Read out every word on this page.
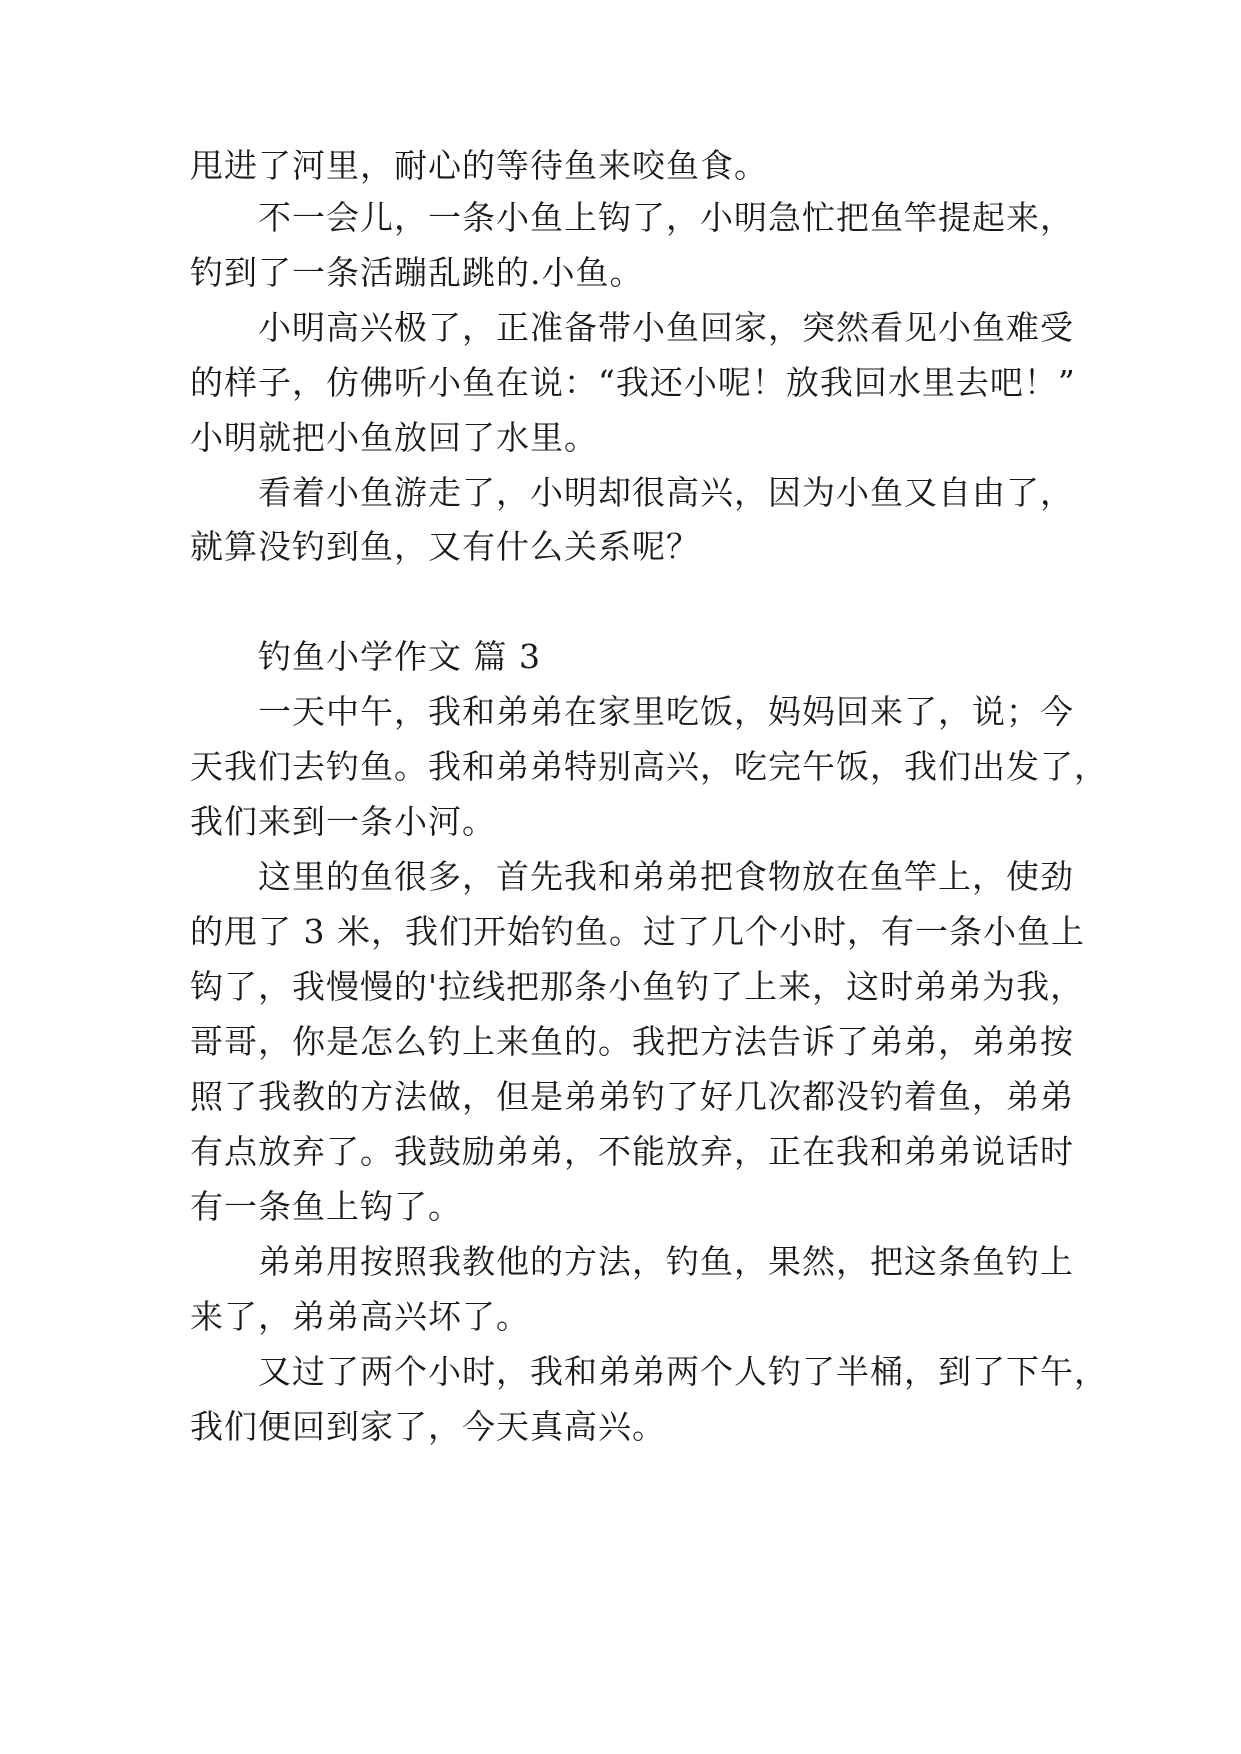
甩进了河里，耐心的等待鱼来咬鱼食。
不一会儿，一条小鱼上钩了，小明急忙把鱼竿提起来，
钓到了一条活蹦乱跳的.小鱼。
小明高兴极了，正准备带小鱼回家，突然看见小鱼难受
的样子，仿佛听小鱼在说：“我还小呢！放我回水里去吧！”
小明就把小鱼放回了水里。
看着小鱼游走了，小明却很高兴，因为小鱼又自由了，
就算没钓到鱼，又有什么关系呢？
钓鱼小学作文 篇 3
一天中午，我和弟弟在家里吃饭，妈妈回来了，说；今
天我们去钓鱼。我和弟弟特别高兴，吃完午饭，我们出发了，
我们来到一条小河。
这里的鱼很多，首先我和弟弟把食物放在鱼竿上，使劲
的甩了 3 米，我们开始钓鱼。过了几个小时，有一条小鱼上
钩了，我慢慢的'拉线把那条小鱼钓了上来，这时弟弟为我，
哥哥，你是怎么钓上来鱼的。我把方法告诉了弟弟，弟弟按
照了我教的方法做，但是弟弟钓了好几次都没钓着鱼，弟弟
有点放弃了。我鼓励弟弟，不能放弃，正在我和弟弟说话时
有一条鱼上钩了。
弟弟用按照我教他的方法，钓鱼，果然，把这条鱼钓上
来了，弟弟高兴坏了。
又过了两个小时，我和弟弟两个人钓了半桶，到了下午，
我们便回到家了，今天真高兴。
